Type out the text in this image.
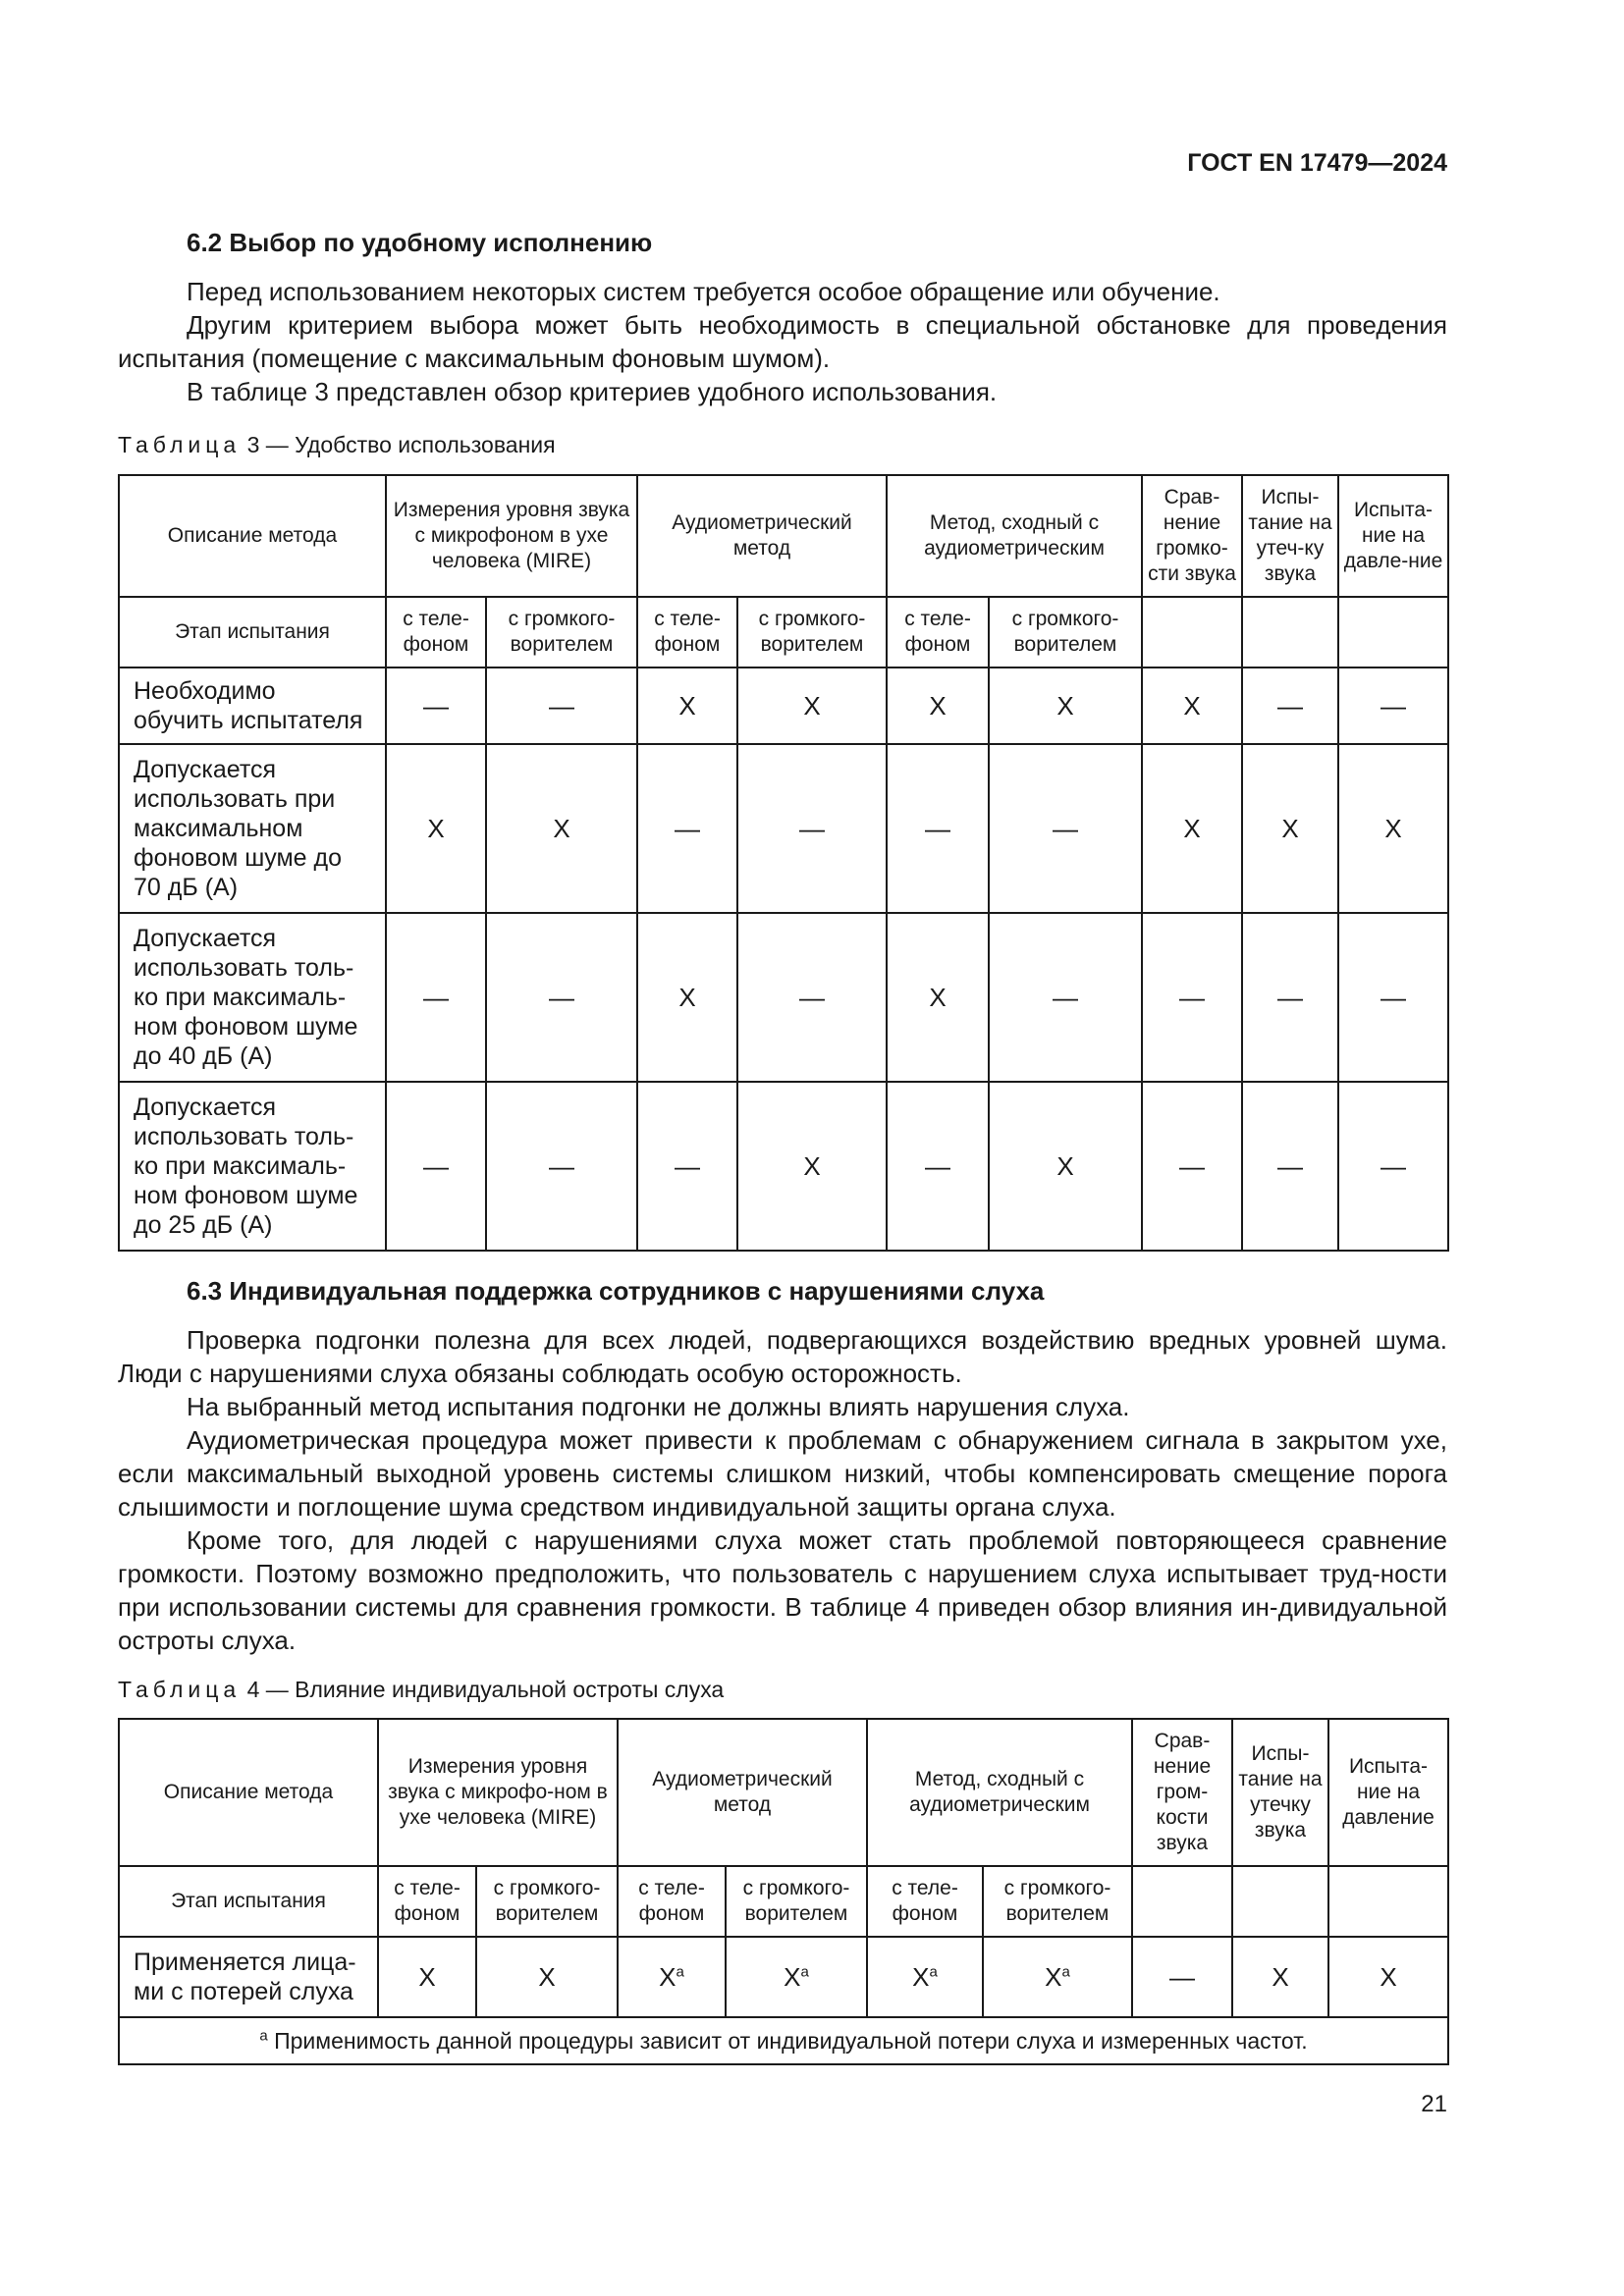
ГОСТ EN 17479—2024
6.2 Выбор по удобному исполнению

Перед использованием некоторых систем требуется особое обращение или обучение.

Другим критерием выбора может быть необходимость в специальной обстановке для проведения испытания (помещение с максимальным фоновым шумом).

В таблице 3 представлен обзор критериев удобного использования.

Таблица 3 — Удобство использования
Описание метода	Измерения уровня звука с микрофоном в ухе человека (MIRE)		Аудиометрический метод		Метод, сходный с аудиометрическим		Срав-нение громко-сти звука	Испы-тание на утеч-ку звука	Испыта-ние на давле-ние
Этап испытания	с теле-фоном	с громкого-ворителем	с теле-фоном	с громкого-ворителем	с теле-фоном	с громкого-ворителем			
Необходимо обучить испытателя	—	—	X	X	X	X	X	—	—
Допускается использовать при максимальном фоновом шуме до 70 дБ (А)	X	X	—	—	—	—	X	X	X
Допускается использовать толь-ко при максималь-ном фоновом шуме до 40 дБ (А)	—	—	X	—	X	—	—	—	—
Допускается использовать толь-ко при максималь-ном фоновом шуме до 25 дБ (А)	—	—	—	X	—	X	—	—	—
6.3 Индивидуальная поддержка сотрудников с нарушениями слуха

Проверка подгонки полезна для всех людей, подвергающихся воздействию вредных уровней шума. Люди с нарушениями слуха обязаны соблюдать особую осторожность.

На выбранный метод испытания подгонки не должны влиять нарушения слуха.

Аудиометрическая процедура может привести к проблемам с обнаружением сигнала в закрытом ухе, если максимальный выходной уровень системы слишком низкий, чтобы компенсировать смещение порога слышимости и поглощение шума средством индивидуальной защиты органа слуха.

Кроме того, для людей с нарушениями слуха может стать проблемой повторяющееся сравнение громкости. Поэтому возможно предположить, что пользователь с нарушением слуха испытывает труд-ности при использовании системы для сравнения громкости. В таблице 4 приведен обзор влияния ин-дивидуальной остроты слуха.

Таблица 4 — Влияние индивидуальной остроты слуха
Описание метода	Измерения уровня звука с микрофо-ном в ухе человека (MIRE)		Аудиометрический метод		Метод, сходный с аудиометрическим		Срав-нение гром-кости звука	Испы-тание на утечку звука	Испыта-ние на давление
Этап испытания	с теле-фоном	с громкого-ворителем	с теле-фоном	с громкого-ворителем	с теле-фоном	с громкого-ворителем			
Применяется лица-ми с потерей слуха	X	X	$X^a$	$X^a$	$X^a$	$X^a$	—	X	X
$^a$ Применимость данной процедуры зависит от индивидуальной потери слуха и измеренных частот.									
21
